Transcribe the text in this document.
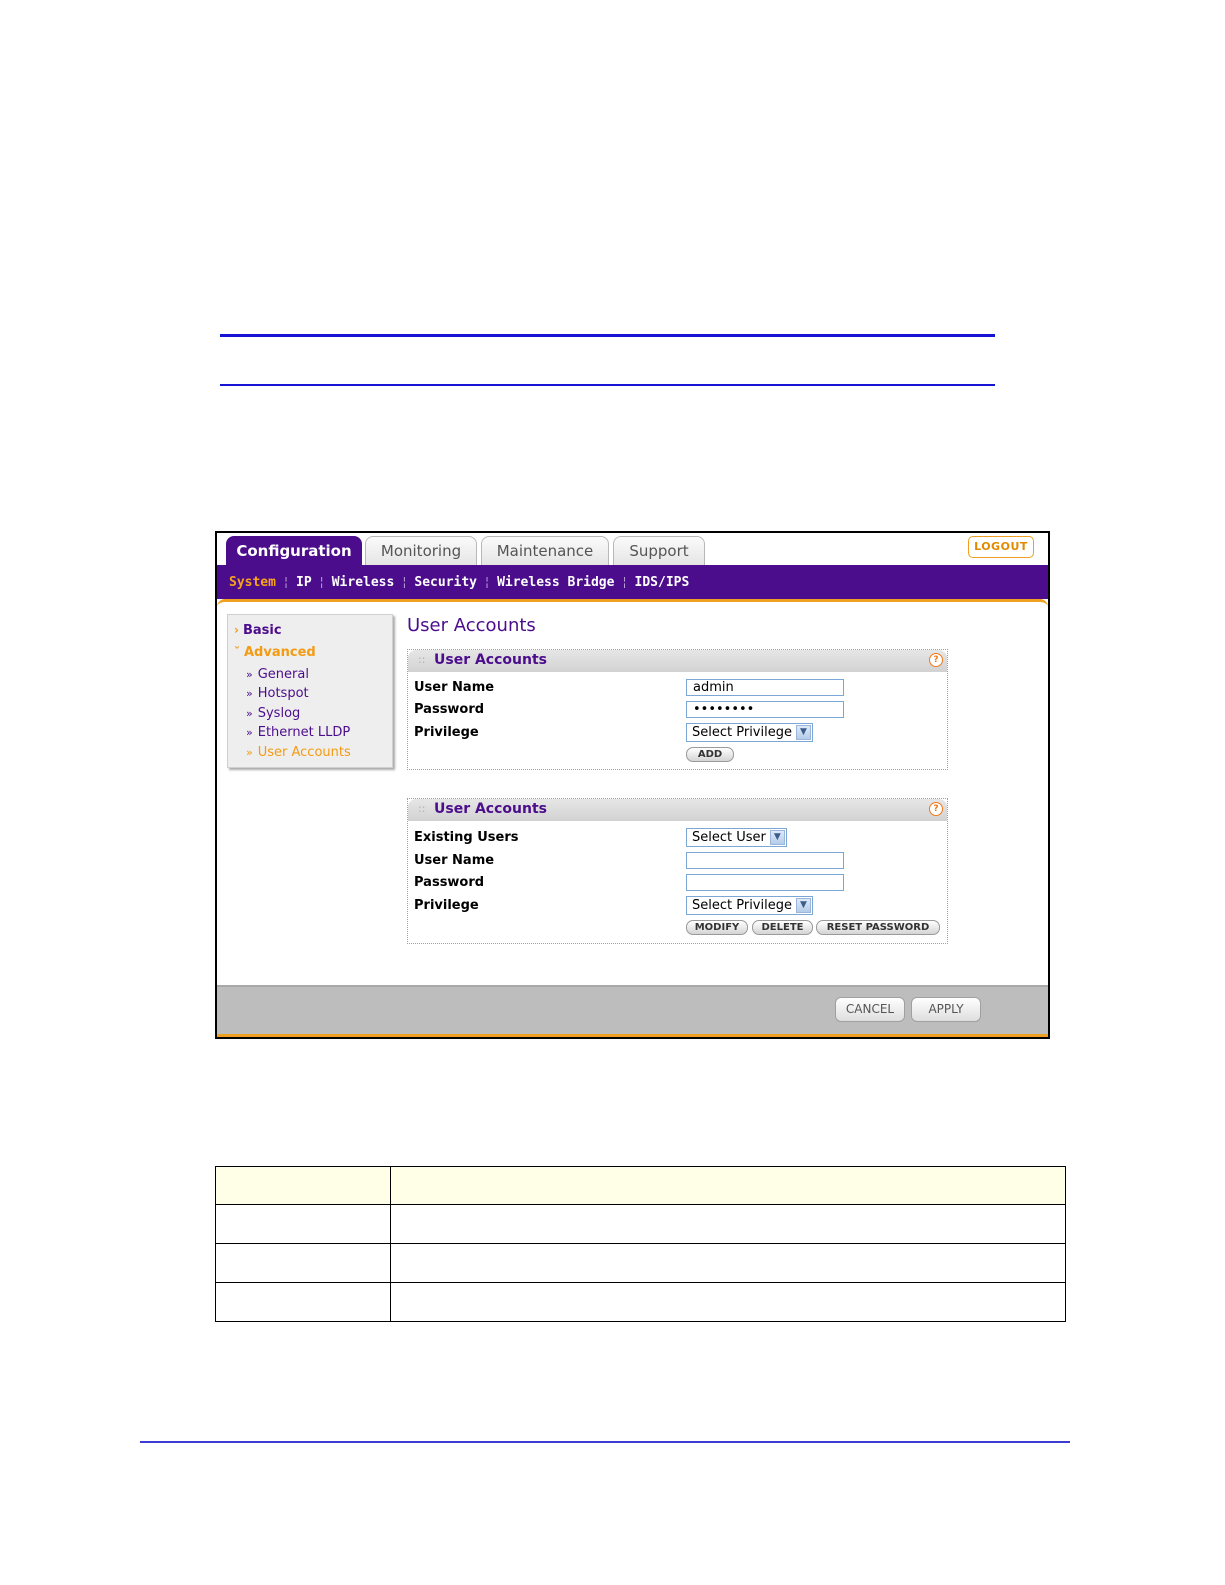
Configuration	Monitoring	Maintenance	Support	LOGOUT
System ¦ IP ¦ Wireless ¦ Security ¦ Wireless Bridge ¦ IDS/IPS
› Basic
ˇ Advanced
» General
» Hotspot
» Syslog
» Ethernet LLDP
» User Accounts
User Accounts
:: User Accounts	?
User Name	admin
Password	••••••••
Privilege	Select Privilege ▼
ADD
:: User Accounts	?
Existing Users	Select User ▼
User Name
Password
Privilege	Select Privilege ▼
MODIFY	DELETE	RESET PASSWORD
CANCEL	APPLY
